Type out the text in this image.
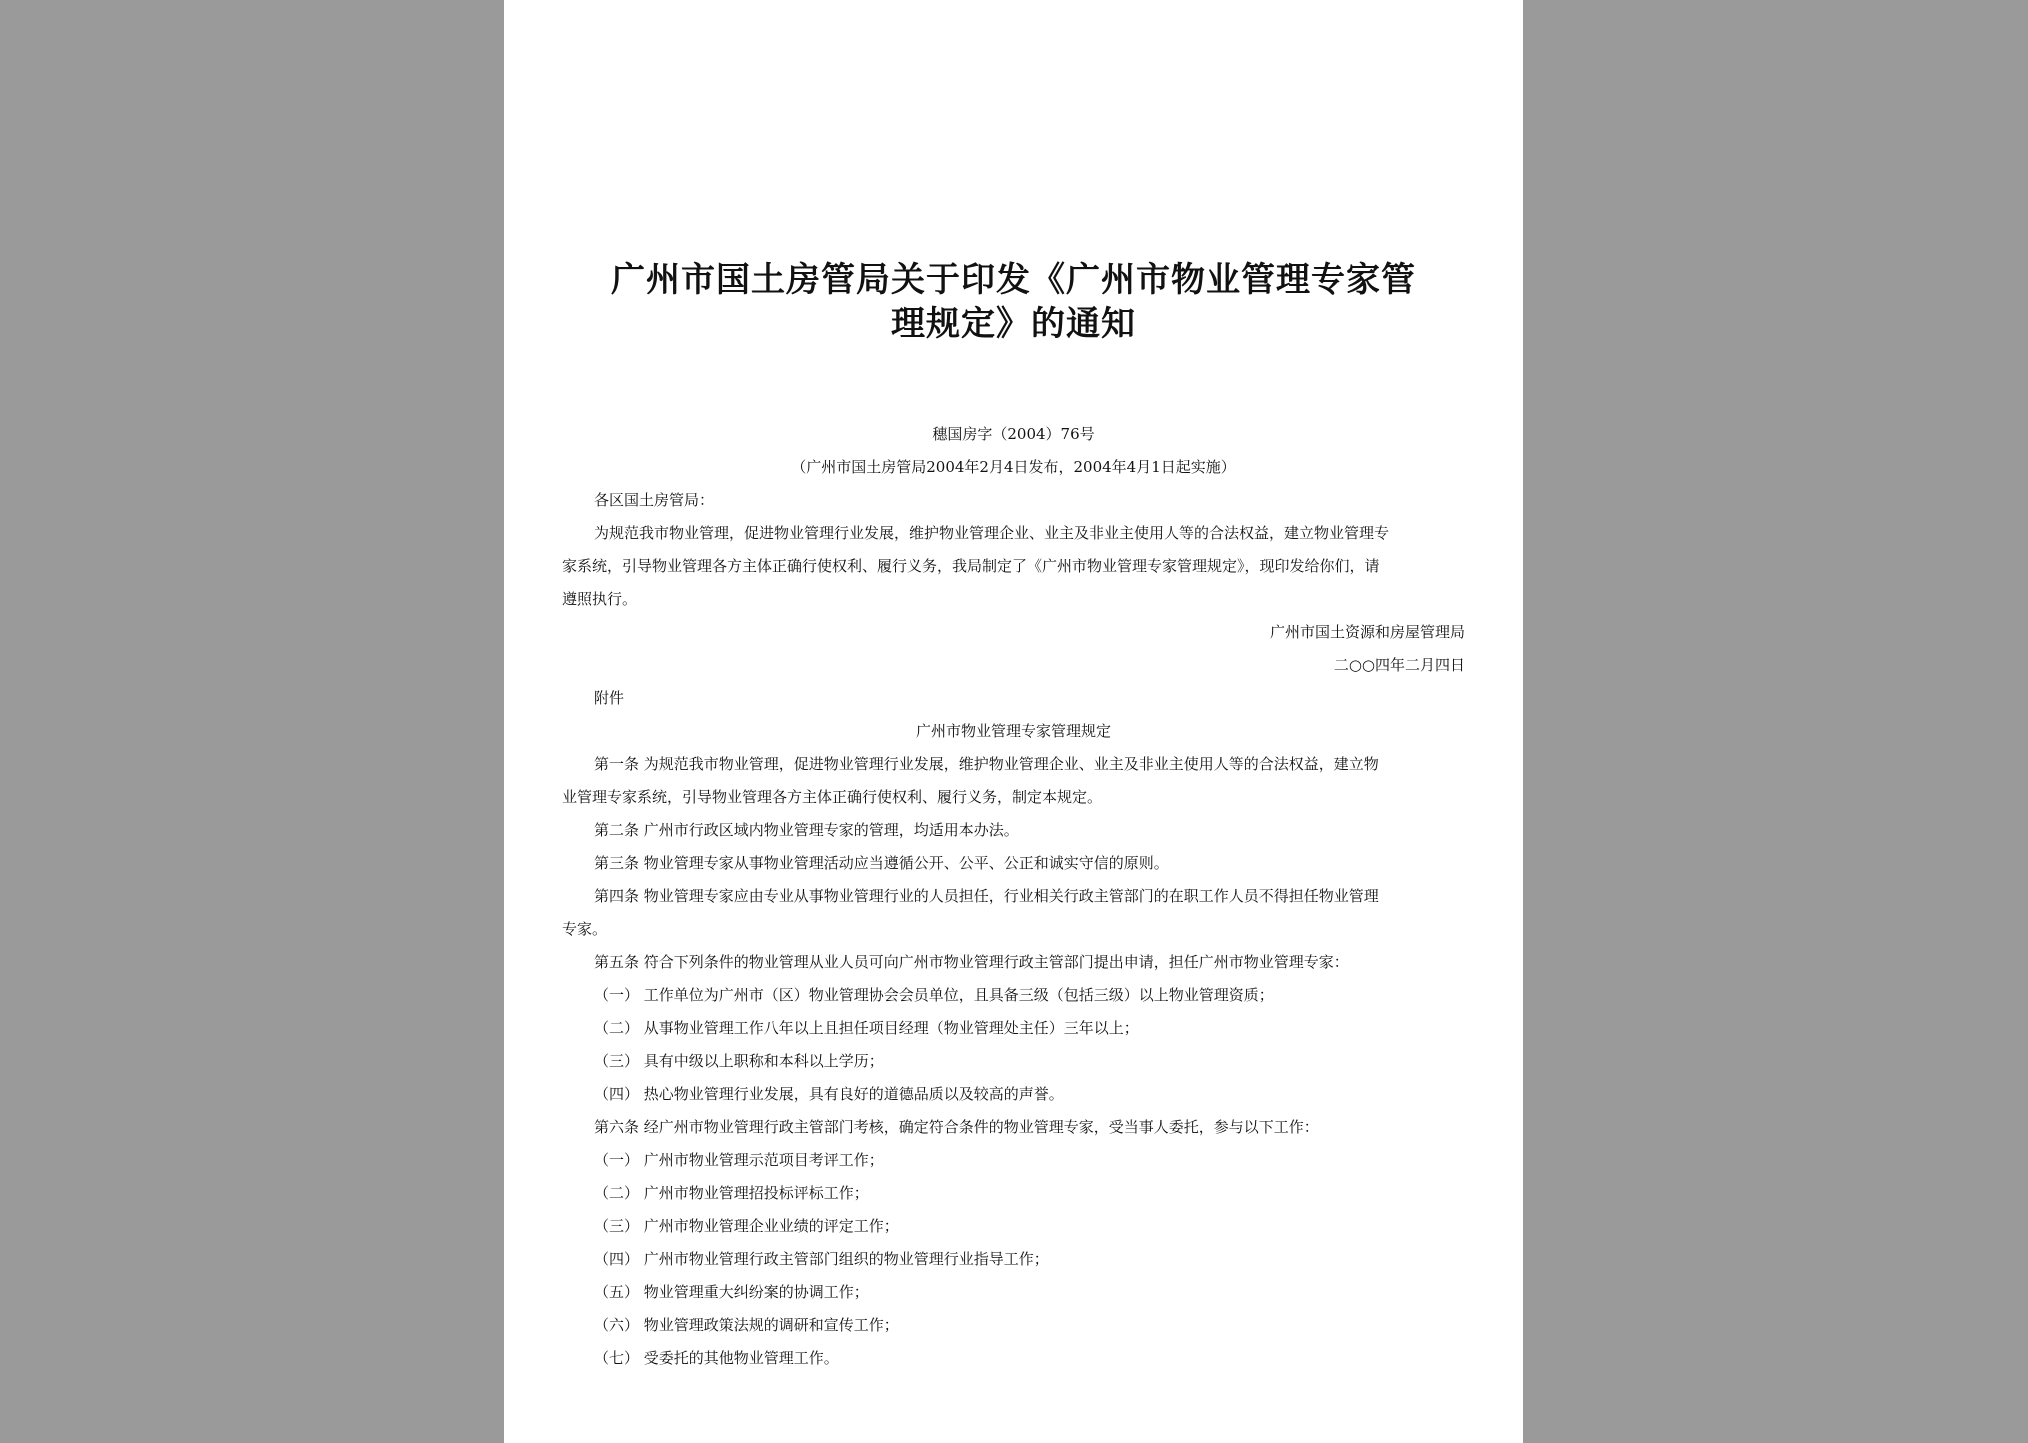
广州市国土房管局关于印发《广州市物业管理专家管
理规定》的通知
穗国房字（2004）76号
（广州市国土房管局2004年2月4日发布，2004年4月1日起实施）
各区国土房管局：
为规范我市物业管理，促进物业管理行业发展，维护物业管理企业、业主及非业主使用人等的合法权益，建立物业管理专
家系统，引导物业管理各方主体正确行使权利、履行义务，我局制定了《广州市物业管理专家管理规定》，现印发给你们，请
遵照执行。
广州市国土资源和房屋管理局
二○○四年二月四日
附件
广州市物业管理专家管理规定
第一条 为规范我市物业管理，促进物业管理行业发展，维护物业管理企业、业主及非业主使用人等的合法权益，建立物
业管理专家系统，引导物业管理各方主体正确行使权利、履行义务，制定本规定。
第二条 广州市行政区域内物业管理专家的管理，均适用本办法。
第三条 物业管理专家从事物业管理活动应当遵循公开、公平、公正和诚实守信的原则。
第四条 物业管理专家应由专业从事物业管理行业的人员担任，行业相关行政主管部门的在职工作人员不得担任物业管理
专家。
第五条 符合下列条件的物业管理从业人员可向广州市物业管理行政主管部门提出申请，担任广州市物业管理专家：
（一） 工作单位为广州市（区）物业管理协会会员单位，且具备三级（包括三级）以上物业管理资质；
（二） 从事物业管理工作八年以上且担任项目经理（物业管理处主任）三年以上；
（三） 具有中级以上职称和本科以上学历；
（四） 热心物业管理行业发展，具有良好的道德品质以及较高的声誉。
第六条 经广州市物业管理行政主管部门考核，确定符合条件的物业管理专家，受当事人委托，参与以下工作：
（一） 广州市物业管理示范项目考评工作；
（二） 广州市物业管理招投标评标工作；
（三） 广州市物业管理企业业绩的评定工作；
（四） 广州市物业管理行政主管部门组织的物业管理行业指导工作；
（五） 物业管理重大纠纷案的协调工作；
（六） 物业管理政策法规的调研和宣传工作；
（七） 受委托的其他物业管理工作。
